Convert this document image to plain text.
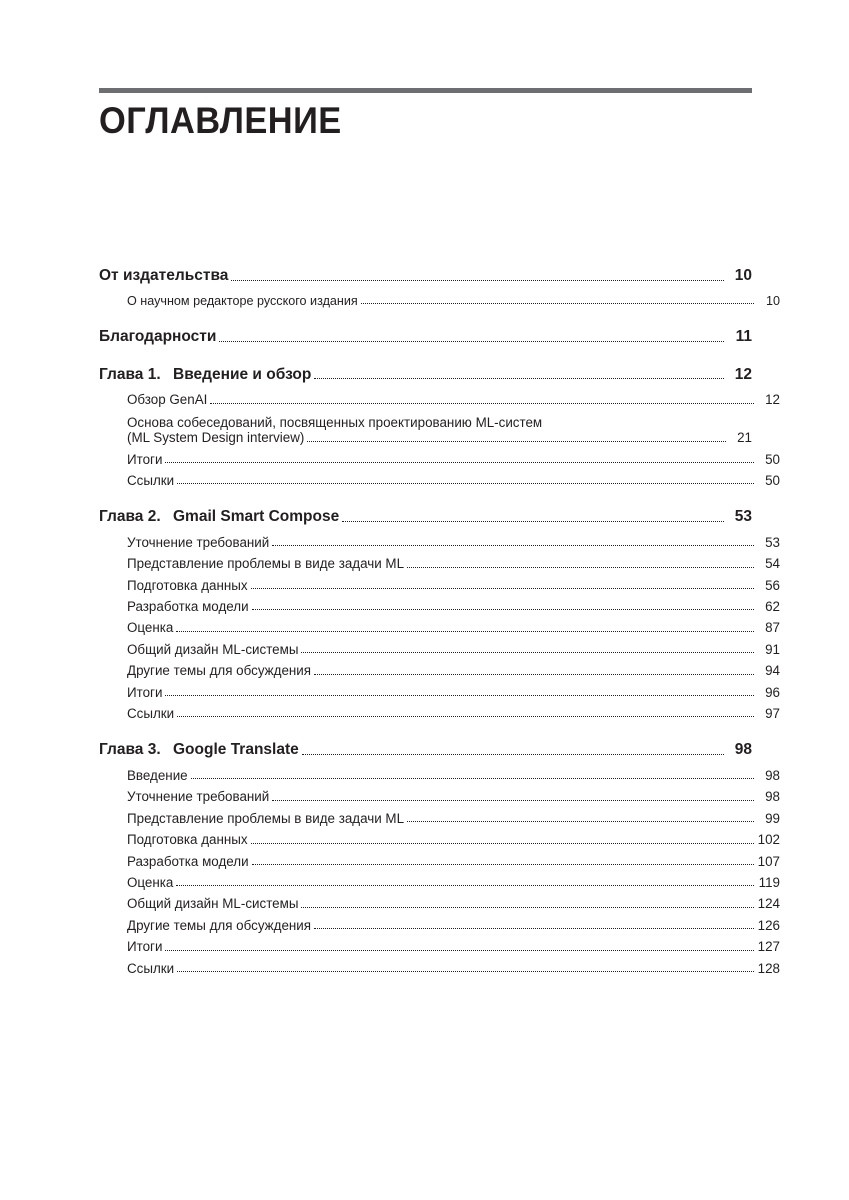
ОГЛАВЛЕНИЕ
От издательства	10
О научном редакторе русского издания	10
Благодарности	11
Глава 1. Введение и обзор	12
Обзор GenAI	12
Основа собеседований, посвященных проектированию ML-систем
(ML System Design interview)	21
Итоги	50
Ссылки	50
Глава 2. Gmail Smart Compose	53
Уточнение требований	53
Представление проблемы в виде задачи ML	54
Подготовка данных	56
Разработка модели	62
Оценка	87
Общий дизайн ML-системы	91
Другие темы для обсуждения	94
Итоги	96
Ссылки	97
Глава 3. Google Translate	98
Введение	98
Уточнение требований	98
Представление проблемы в виде задачи ML	99
Подготовка данных	102
Разработка модели	107
Оценка	119
Общий дизайн ML-системы	124
Другие темы для обсуждения	126
Итоги	127
Ссылки	128
